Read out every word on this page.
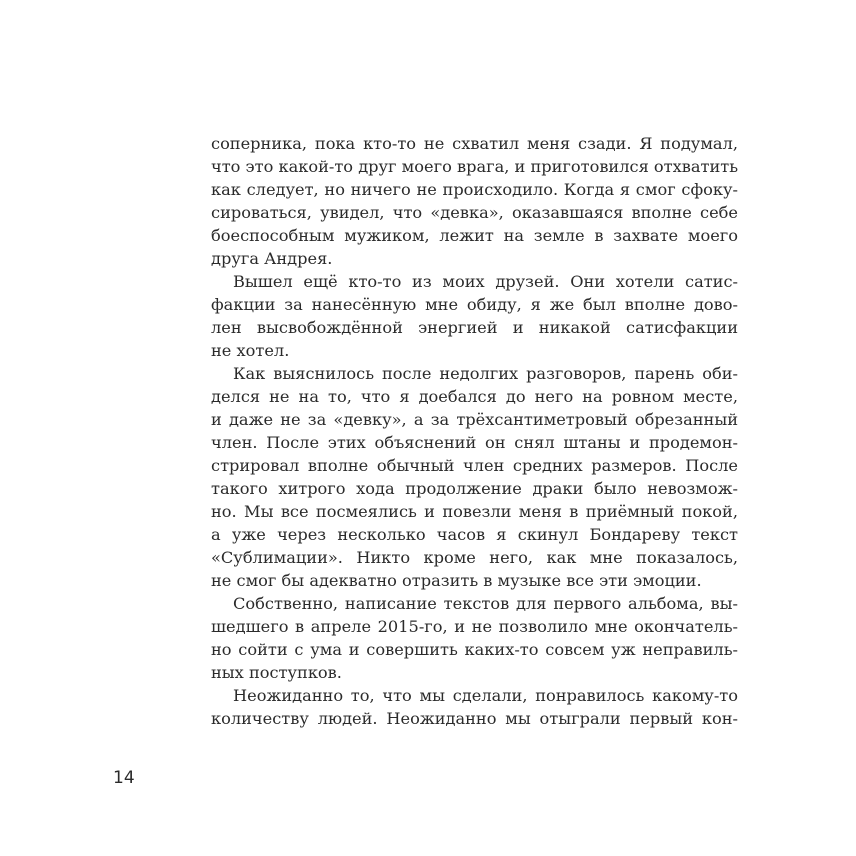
соперника, пока кто-то не схватил меня сзади. Я подумал,
что это какой-то друг моего врага, и приготовился отхватить
как следует, но ничего не происходило. Когда я смог сфоку-
сироваться, увидел, что «девка», оказавшаяся вполне себе
боеспособным мужиком, лежит на земле в захвате моего
друга Андрея.
Вышел ещё кто-то из моих друзей. Они хотели сатис-
факции за нанесённую мне обиду, я же был вполне дово-
лен высвобождённой энергией и никакой сатисфакции
не хотел.
Как выяснилось после недолгих разговоров, парень оби-
делся не на то, что я доебался до него на ровном месте,
и даже не за «девку», а за трёхсантиметровый обрезанный
член. После этих объяснений он снял штаны и продемон-
стрировал вполне обычный член средних размеров. После
такого хитрого хода продолжение драки было невозмож-
но. Мы все посмеялись и повезли меня в приёмный покой,
а уже через несколько часов я скинул Бондареву текст
«Сублимации». Никто кроме него, как мне показалось,
не смог бы адекватно отразить в музыке все эти эмоции.
Собственно, написание текстов для первого альбома, вы-
шедшего в апреле 2015-го, и не позволило мне окончатель-
но сойти с ума и совершить каких-то совсем уж неправиль-
ных поступков.
Неожиданно то, что мы сделали, понравилось какому-то
количеству людей. Неожиданно мы отыграли первый кон-
14
